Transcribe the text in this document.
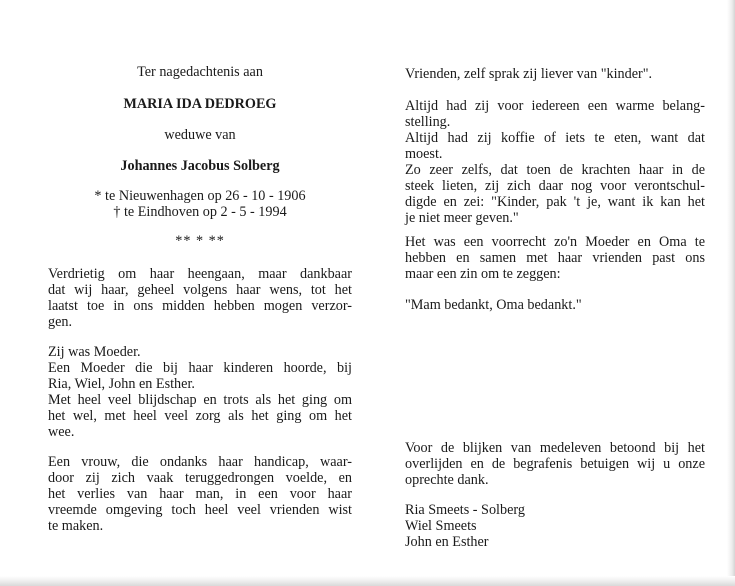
Ter nagedachtenis aan
MARIA IDA DEDROEG
weduwe van
Johannes Jacobus Solberg
* te Nieuwenhagen op 26 - 10 - 1906
† te Eindhoven op 2 - 5 - 1994
** * **
Verdrietig om haar heengaan, maar dankbaar
dat wij haar, geheel volgens haar wens, tot het
laatst toe in ons midden hebben mogen verzor-
gen.
Zij was Moeder.
Een Moeder die bij haar kinderen hoorde, bij
Ria, Wiel, John en Esther.
Met heel veel blijdschap en trots als het ging om
het wel, met heel veel zorg als het ging om het
wee.
Een vrouw, die ondanks haar handicap, waar-
door zij zich vaak teruggedrongen voelde, en
het verlies van haar man, in een voor haar
vreemde omgeving toch heel veel vrienden wist
te maken.
Vrienden, zelf sprak zij liever van "kinder".
Altijd had zij voor iedereen een warme belang-
stelling.
Altijd had zij koffie of iets te eten, want dat
moest.
Zo zeer zelfs, dat toen de krachten haar in de
steek lieten, zij zich daar nog voor verontschul-
digde en zei: "Kinder, pak 't je, want ik kan het
je niet meer geven."
Het was een voorrecht zo'n Moeder en Oma te
hebben en samen met haar vrienden past ons
maar een zin om te zeggen:
"Mam bedankt, Oma bedankt."
Voor de blijken van medeleven betoond bij het
overlijden en de begrafenis betuigen wij u onze
oprechte dank.
Ria Smeets - Solberg
Wiel Smeets
John en Esther
